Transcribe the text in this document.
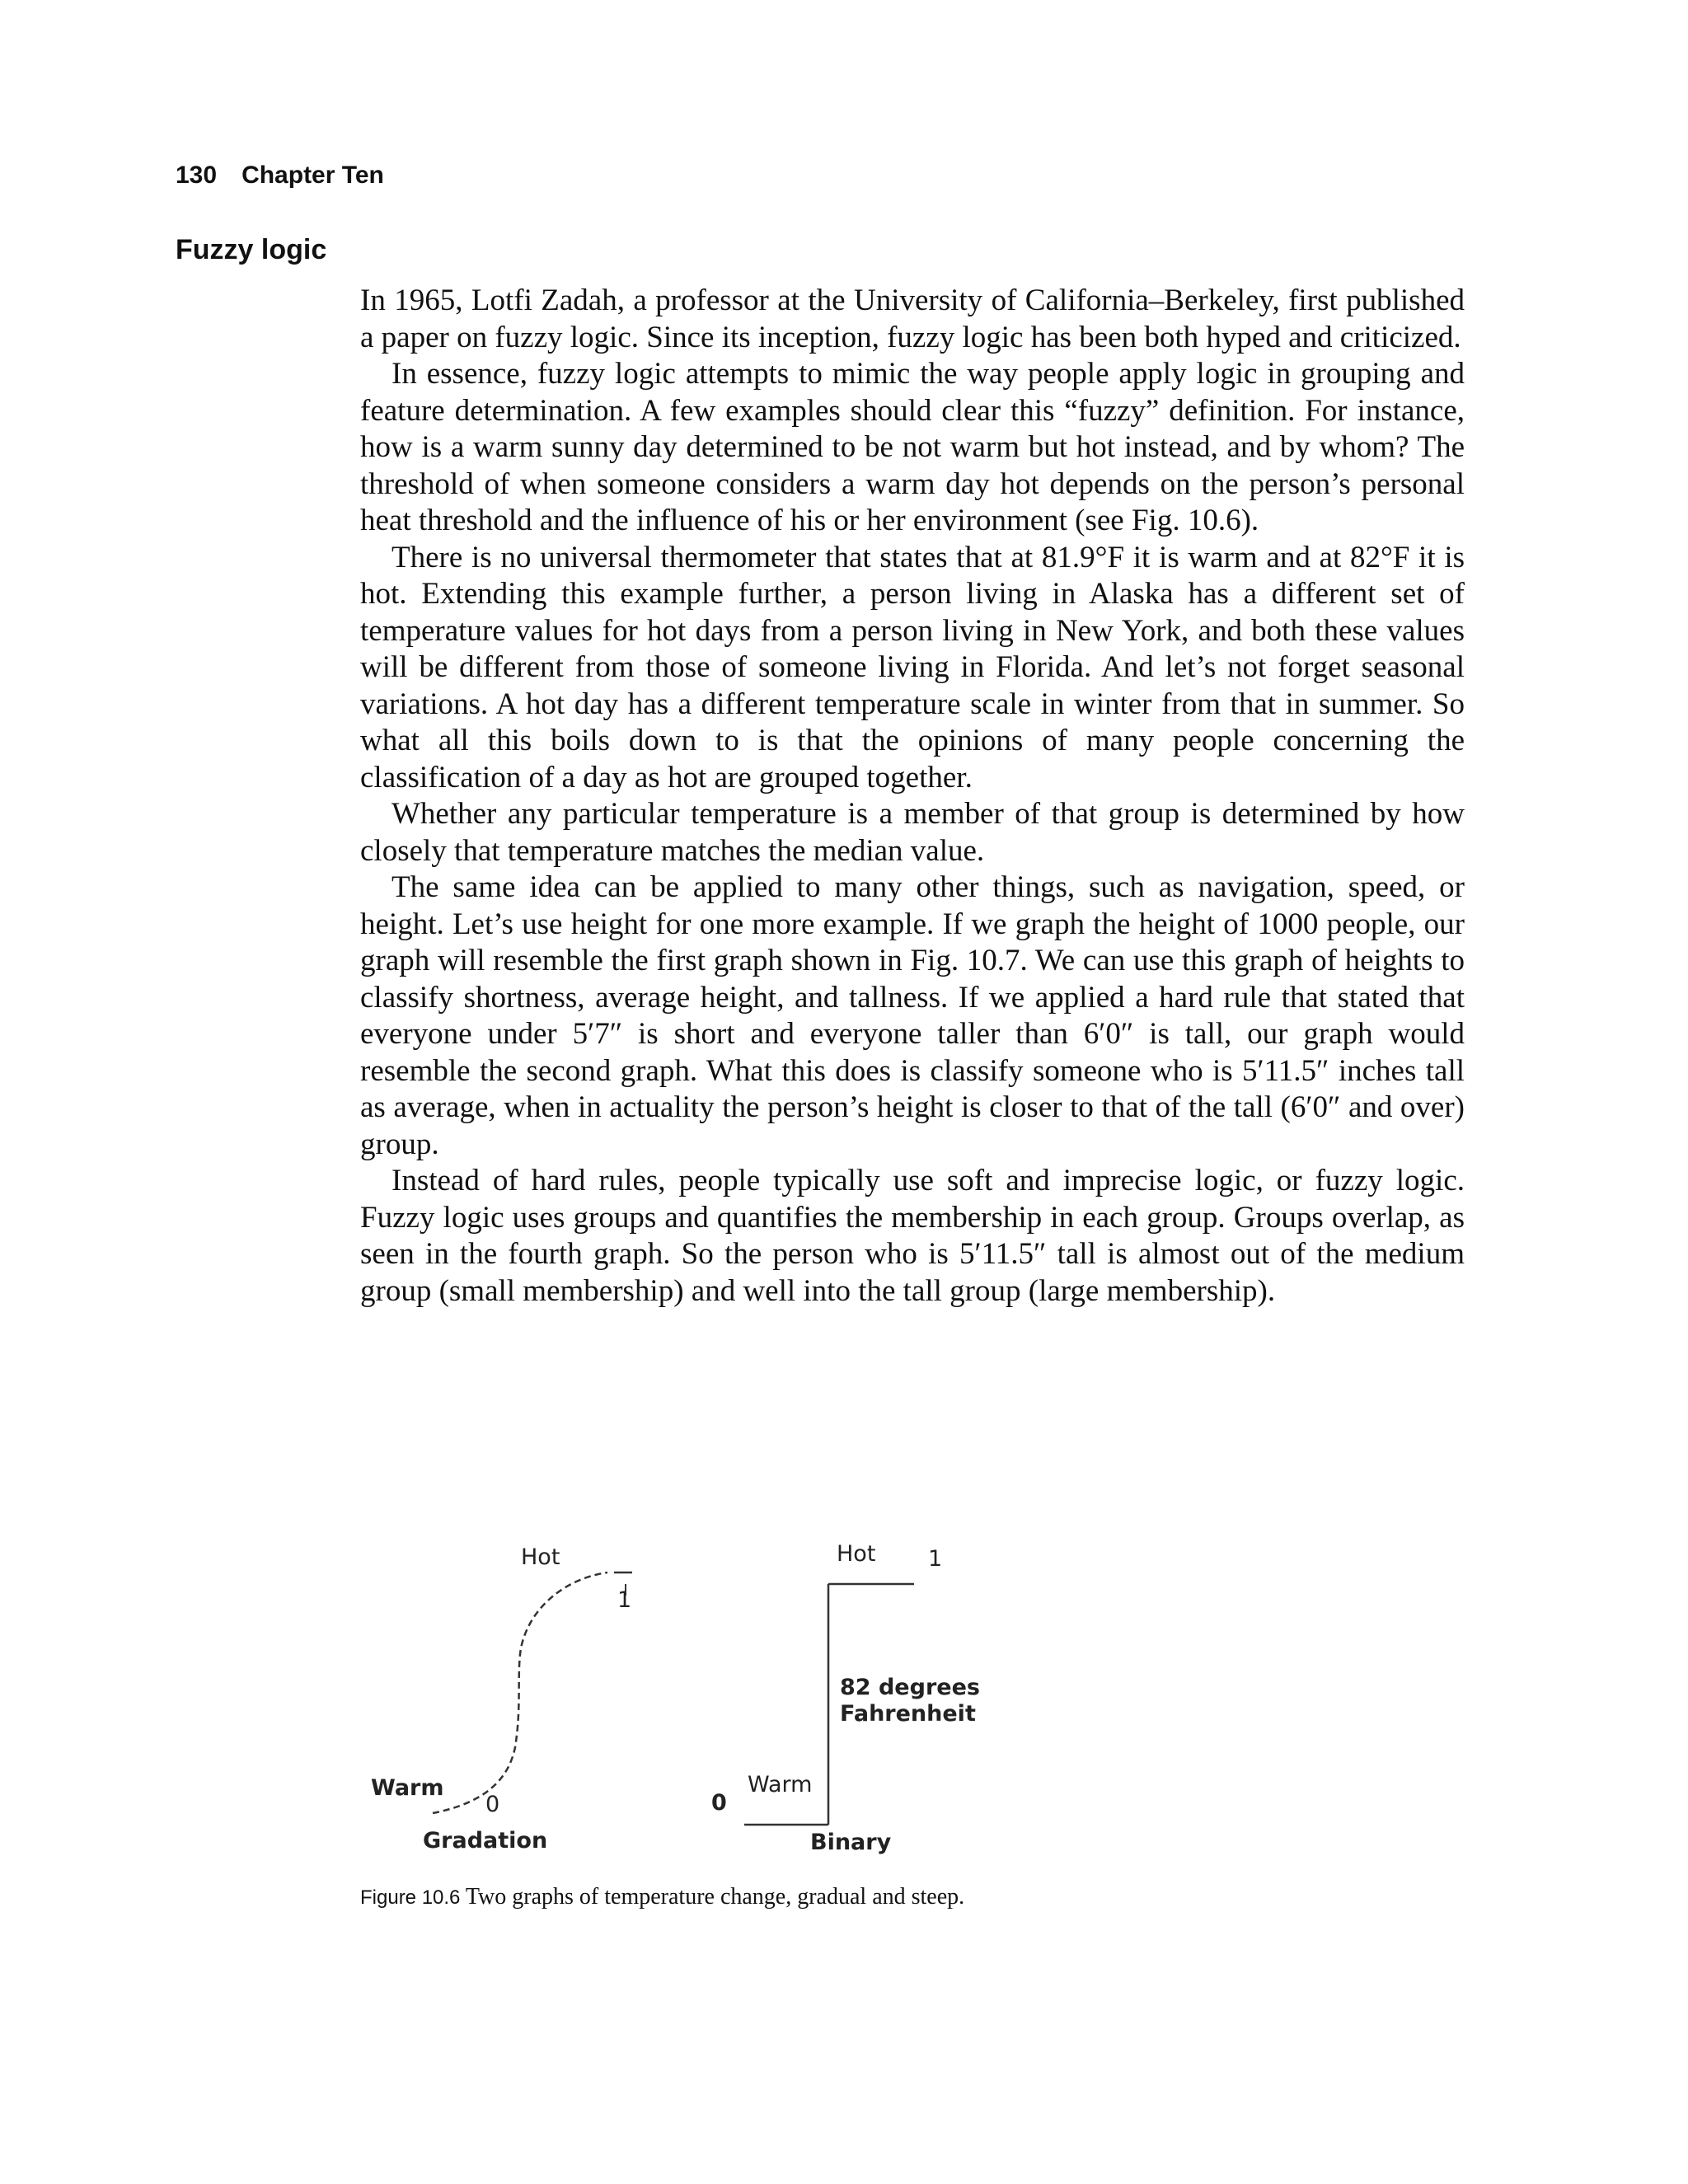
130 Chapter Ten
Fuzzy logic

In 1965, Lotfi Zadah, a professor at the University of California–Berkeley, first published a paper on fuzzy logic. Since its inception, fuzzy logic has been both hyped and criticized.

In essence, fuzzy logic attempts to mimic the way people apply logic in grouping and feature determination. A few examples should clear this “fuzzy” definition. For instance, how is a warm sunny day determined to be not warm but hot instead, and by whom? The threshold of when someone considers a warm day hot depends on the person’s personal heat threshold and the influence of his or her environment (see Fig. 10.6).

There is no universal thermometer that states that at 81.9°F it is warm and at 82°F it is hot. Extending this example further, a person living in Alaska has a different set of temperature values for hot days from a person living in New York, and both these values will be different from those of someone living in Florida. And let’s not forget seasonal variations. A hot day has a different temperature scale in winter from that in summer. So what all this boils down to is that the opinions of many people concerning the classification of a day as hot are grouped together.

Whether any particular temperature is a member of that group is determined by how closely that temperature matches the median value.

The same idea can be applied to many other things, such as navigation, speed, or height. Let’s use height for one more example. If we graph the height of 1000 people, our graph will resemble the first graph shown in Fig. 10.7. We can use this graph of heights to classify shortness, average height, and tallness. If we applied a hard rule that stated that everyone under 5′7″ is short and everyone taller than 6′0″ is tall, our graph would resemble the second graph. What this does is classify someone who is 5′11.5″ inches tall as average, when in actuality the person’s height is closer to that of the tall (6′0″ and over) group.

Instead of hard rules, people typically use soft and imprecise logic, or fuzzy logic. Fuzzy logic uses groups and quantifies the membership in each group. Groups overlap, as seen in the fourth graph. So the person who is 5′11.5″ tall is almost out of the medium group (small membership) and well into the tall group (large membership).

Hot
1
Warm
0
Gradation
Hot 1
82 degrees
Fahrenheit
Warm
0
Binary
Figure 10.6 Two graphs of temperature change, gradual and steep.
